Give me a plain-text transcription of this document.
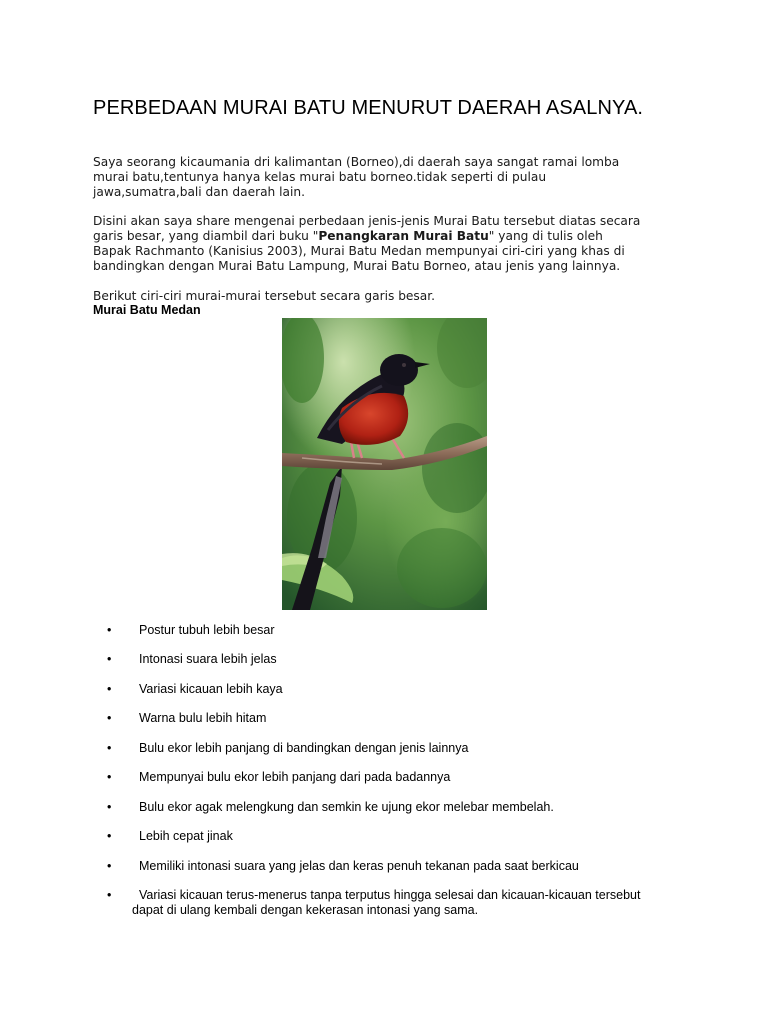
PERBEDAAN MURAI BATU MENURUT DAERAH ASALNYA.
Saya seorang kicaumania dri kalimantan (Borneo),di daerah saya sangat ramai lomba
murai batu,tentunya hanya kelas murai batu borneo.tidak seperti di pulau
jawa,sumatra,bali dan daerah lain.
Disini akan saya share mengenai perbedaan jenis-jenis Murai Batu tersebut diatas secara
garis besar, yang diambil dari buku "Penangkaran Murai Batu" yang di tulis oleh
Bapak Rachmanto (Kanisius 2003), Murai Batu Medan mempunyai ciri-ciri yang khas di
bandingkan dengan Murai Batu Lampung, Murai Batu Borneo, atau jenis yang lainnya.
Berikut ciri-ciri murai-murai tersebut secara garis besar.
Murai Batu Medan
•	Postur tubuh lebih besar
•	Intonasi suara lebih jelas
•	Variasi kicauan lebih kaya
•	Warna bulu lebih hitam
•	Bulu ekor lebih panjang di bandingkan dengan jenis lainnya
•	Mempunyai bulu ekor lebih panjang dari pada badannya
•	Bulu ekor agak melengkung dan semkin ke ujung ekor melebar membelah.
•	Lebih cepat jinak
•	Memiliki intonasi suara yang jelas dan keras penuh tekanan pada saat berkicau
•	Variasi kicauan terus-menerus tanpa terputus hingga selesai dan kicauan-kicauan tersebut
dapat di ulang kembali dengan kekerasan intonasi yang sama.
